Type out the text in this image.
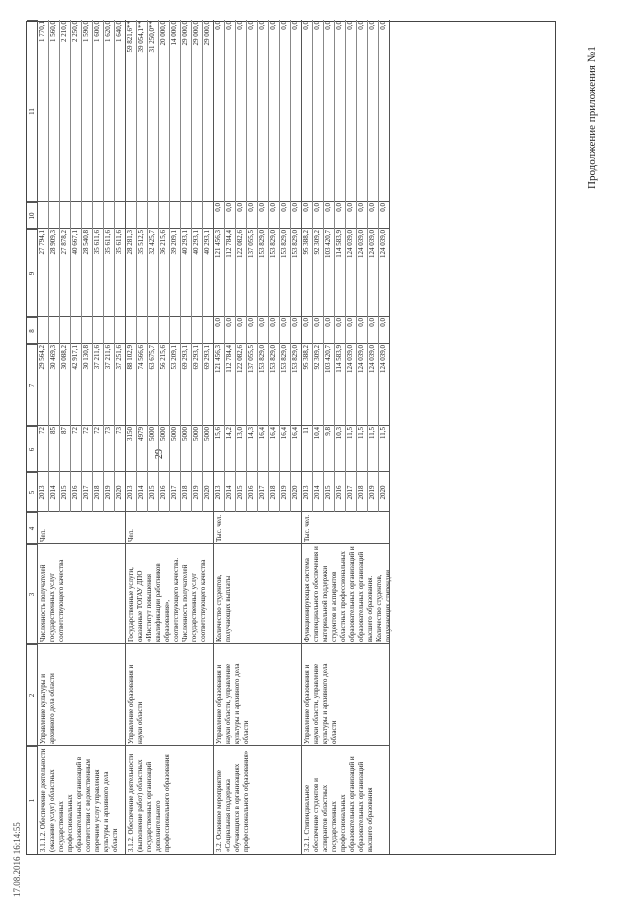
29
Продолжение приложения №1
17.08.2016 16:14:55
1
2
3
4
5
6
7
8
9
10
11
3.1.1.2. Обеспечение деятельности (оказание услуг) областных государственных профессиональных образовательных организаций в соответствии с ведомственным перечнем услуг управления культуры и архивного дела области
Управление культуры и архивного дела области
Численность получателей государственных услуг соответствующего качества
Чел.
2013
72
29 564,2
27 794,1
1 770,1
2014
85
30 469,3
28 909,3
1 560,0
2015
87
30 088,2
27 878,2
2 210,0
2016
72
42 917,1
40 667,1
2 250,0
2017
72
30 130,8
28 540,8
1 590,0
2018
72
37 211,6
35 611,6
1 600,0
2019
73
37 211,6
35 611,6
1 620,0
2020
73
37 251,6
35 611,6
1 640,0
3.1.2. Обеспечение деятельности (выполнение работ) областных государственных организаций дополнительного профессионального образования
Управление образования и науки области
Государственные услуги, оказанные ТОГАУ ДПО «Институт повышения квалификации работников образования», соответствующего качества. Численность получателей государственных услуг соответствующего качества
Чел.
2013
3150
88 102,9
28 281,3
59 821,6**
2014
4979
74 566,6
35 512,5
39 054,1**
2015
5000
63 675,7
32 425,7
31 250,0**
2016
5000
56 215,6
36 215,6
20 000,0
2017
5000
53 209,1
39 209,1
14 000,0
2018
5000
69 293,1
40 293,1
29 000,0
2019
5000
69 293,1
40 293,1
29 000,0
2020
5000
69 293,1
40 293,1
29 000,0
3.2. Основное мероприятие «Социальная поддержка обучающихся в организациях профессионального образования»
Управление образования и науки области, управление культуры и архивного дела области
Количество студентов, получающих выплаты
Тыс. чел.
2013
15,6
121 456,3
0,0
121 456,3
0,0
0,0
2014
14,2
112 784,4
0,0
112 784,4
0,0
0,0
2015
13,0
122 082,6
0,0
122 082,6
0,0
0,0
2016
14,3
137 055,5
0,0
137 055,5
0,0
0,0
2017
16,4
153 829,0
0,0
153 829,0
0,0
0,0
2018
16,4
153 829,0
0,0
153 829,0
0,0
0,0
2019
16,4
153 829,0
0,0
153 829,0
0,0
0,0
2020
16,4
153 829,0
0,0
153 829,0
0,0
0,0
3.2.1. Стипендиальное обеспечение студентов и аспирантов областных государственных профессиональных образовательных организаций и образовательных организаций высшего образования
Управление образования и науки области, управление культуры и архивного дела области
Функционирующая система стипендиального обеспечения и материальной поддержки студентов и аспирантов областных профессиональных образовательных организаций и образовательных организаций высшего образования. Количество студентов, получающих стипендии
Тыс. чел.
2013
11
95 388,2
0,0
95 388,2
0,0
0,0
2014
10,4
92 309,2
0,0
92 309,2
0,0
0,0
2015
9,8
103 420,7
0,0
103 420,7
0,0
0,0
2016
10,3
114 583,9
0,0
114 583,9
0,0
0,0
2017
11,5
124 039,0
0,0
124 039,0
0,0
0,0
2018
11,5
124 039,0
0,0
124 039,0
0,0
0,0
2019
11,5
124 039,0
0,0
124 039,0
0,0
0,0
2020
11,5
124 039,0
0,0
124 039,0
0,0
0,0
